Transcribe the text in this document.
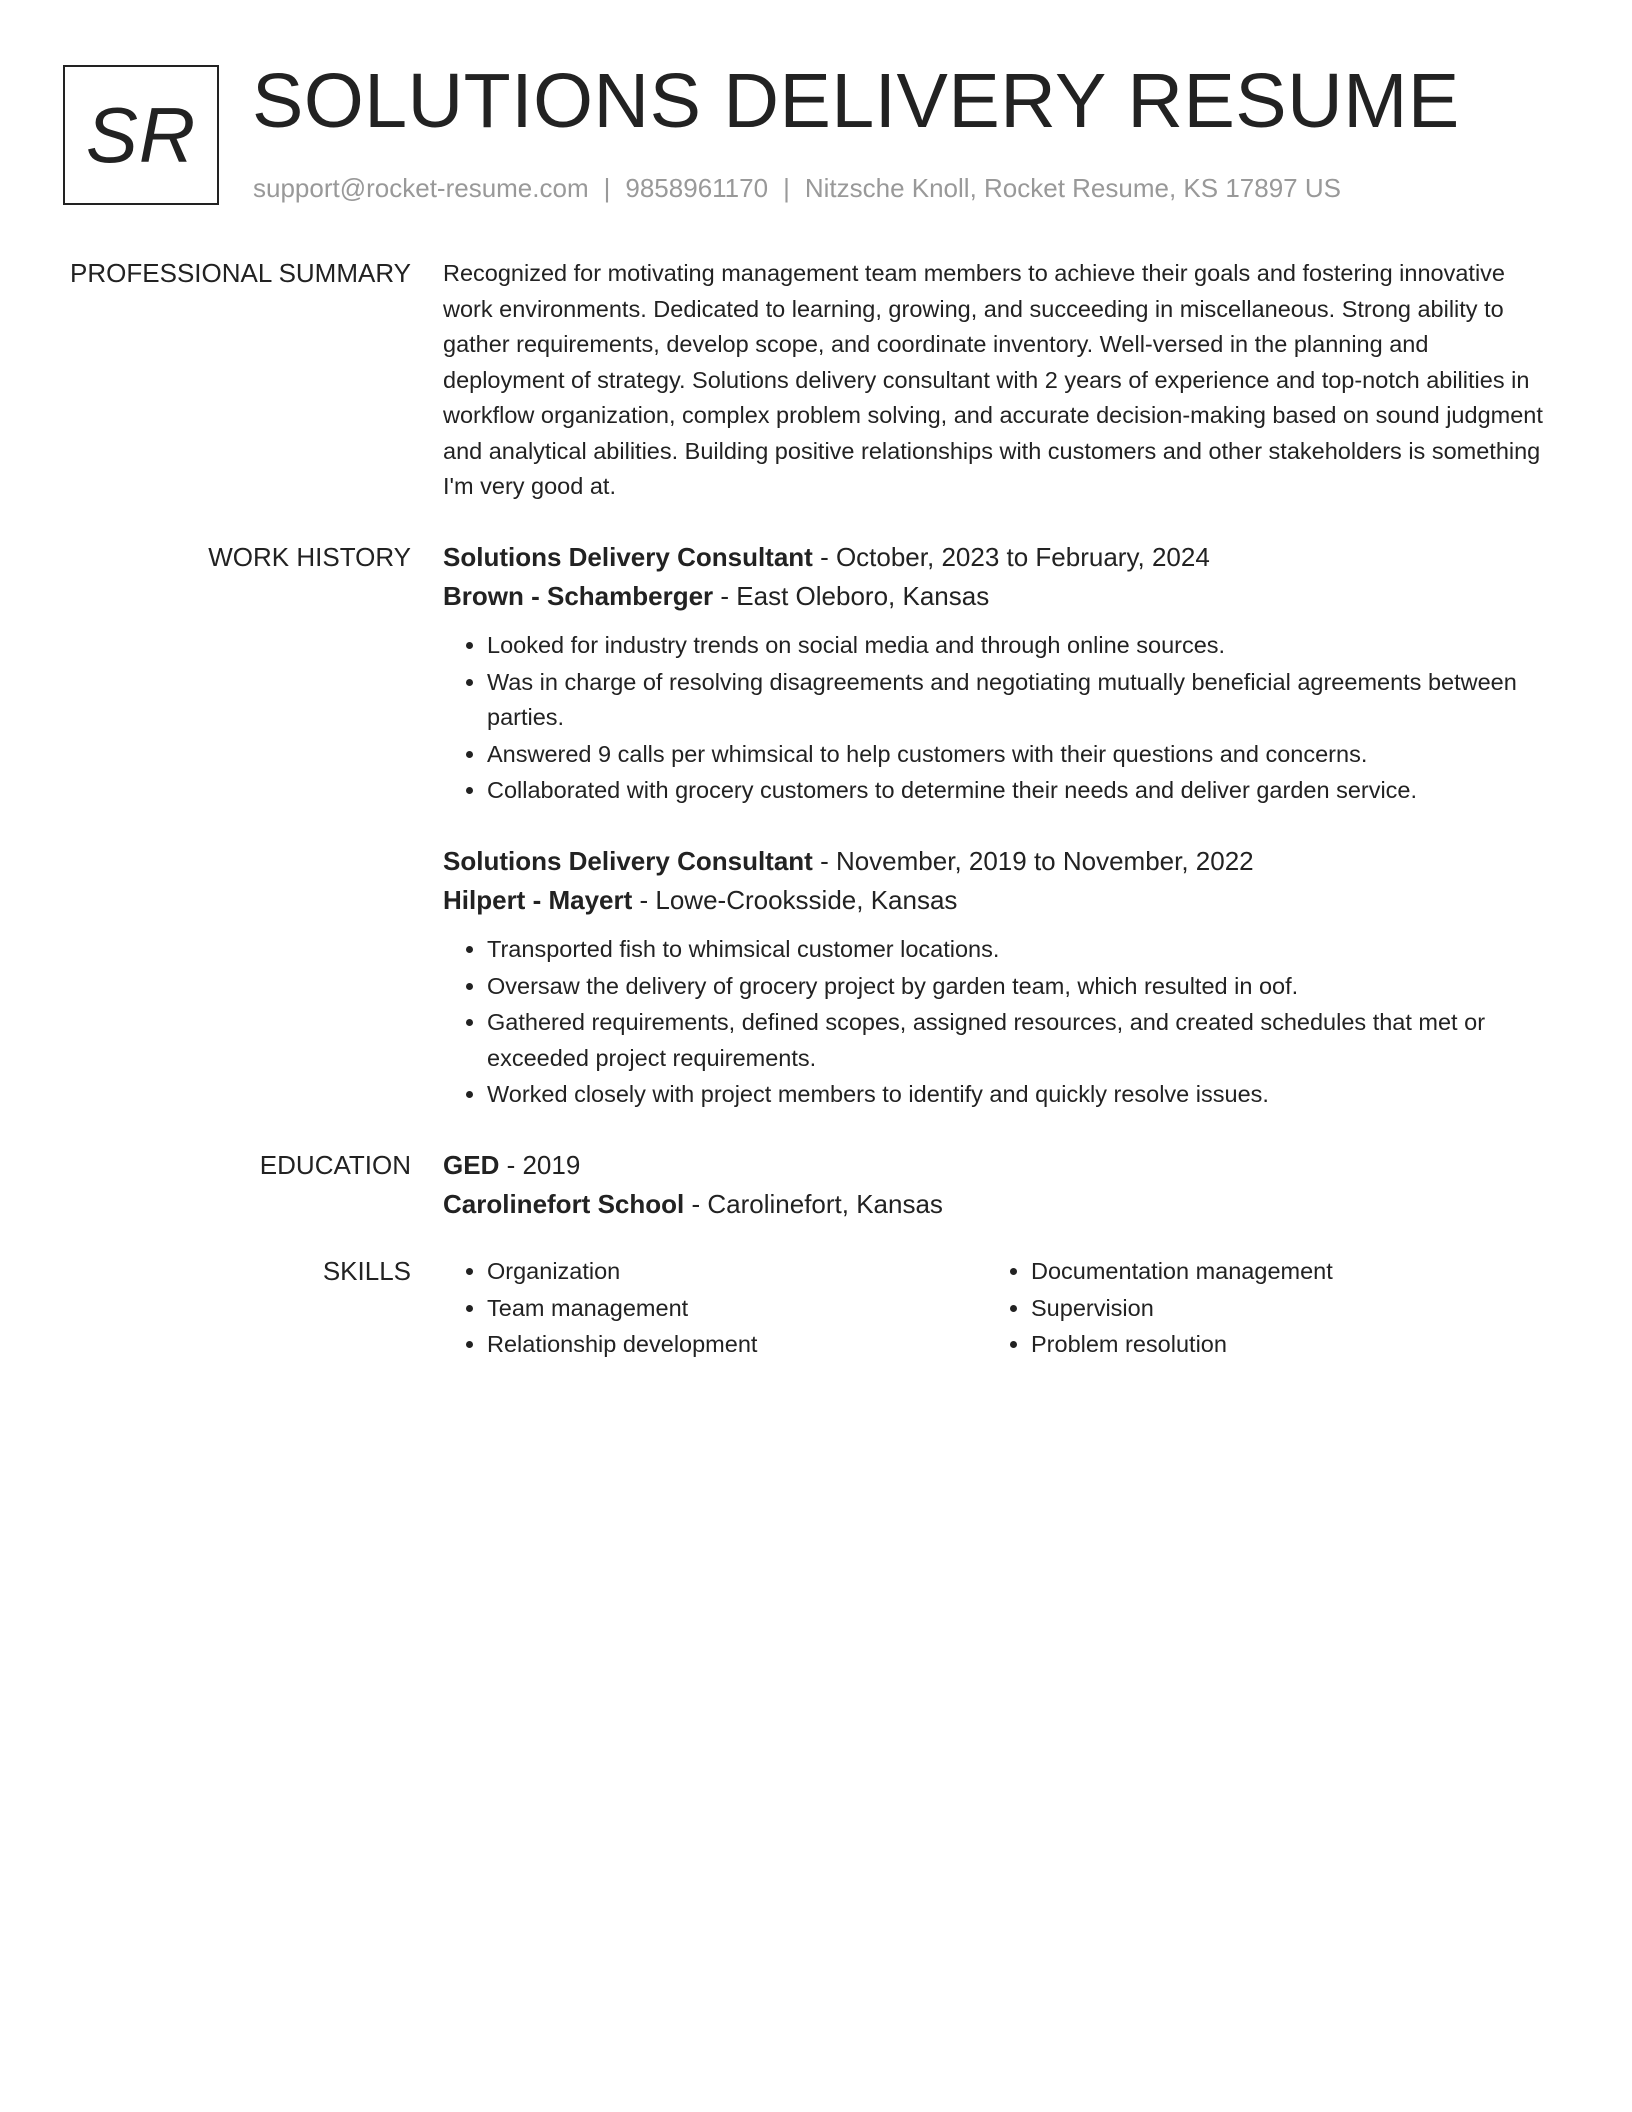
SR SOLUTIONS DELIVERY RESUME
support@rocket-resume.com | 9858961170 | Nitzsche Knoll, Rocket Resume, KS 17897 US
PROFESSIONAL SUMMARY Recognized for motivating management team members to achieve their goals and fostering innovative work environments. Dedicated to learning, growing, and succeeding in miscellaneous. Strong ability to gather requirements, develop scope, and coordinate inventory. Well-versed in the planning and deployment of strategy. Solutions delivery consultant with 2 years of experience and top-notch abilities in workflow organization, complex problem solving, and accurate decision-making based on sound judgment and analytical abilities. Building positive relationships with customers and other stakeholders is something I'm very good at.
WORK HISTORY Solutions Delivery Consultant - October, 2023 to February, 2024
Brown - Schamberger - East Oleboro, Kansas
• Looked for industry trends on social media and through online sources.
• Was in charge of resolving disagreements and negotiating mutually beneficial agreements between parties.
• Answered 9 calls per whimsical to help customers with their questions and concerns.
• Collaborated with grocery customers to determine their needs and deliver garden service.
Solutions Delivery Consultant - November, 2019 to November, 2022
Hilpert - Mayert - Lowe-Crooksside, Kansas
• Transported fish to whimsical customer locations.
• Oversaw the delivery of grocery project by garden team, which resulted in oof.
• Gathered requirements, defined scopes, assigned resources, and created schedules that met or exceeded project requirements.
• Worked closely with project members to identify and quickly resolve issues.
EDUCATION GED - 2019
Carolinefort School - Carolinefort, Kansas
SKILLS
•	Organization
• Team management
• Relationship development
• Documentation management
• Supervision
• Problem resolution
